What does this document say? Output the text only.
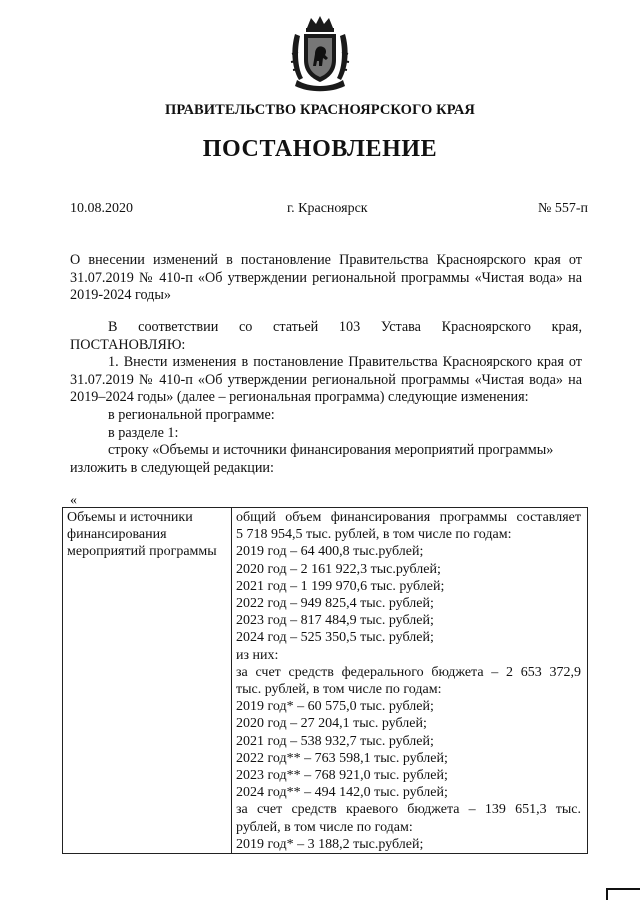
ПРАВИТЕЛЬСТВО КРАСНОЯРСКОГО КРАЯ
ПОСТАНОВЛЕНИЕ
10.08.2020	г. Красноярск	№ 557-п

О внесении изменений в постановление Правительства Красноярского края от 31.07.2019 № 410-п «Об утверждении региональной программы «Чистая вода» на 2019-2024 годы»

В соответствии со статьей 103 Устава Красноярского края,

ПОСТАНОВЛЯЮ:

1. Внести изменения в постановление Правительства Красноярского края от 31.07.2019 № 410-п «Об утверждении региональной программы «Чистая вода» на 2019–2024 годы» (далее – региональная программа) следующие изменения:

в региональной программе:

в разделе 1:

строку «Объемы и источники финансирования мероприятий программы»

изложить в следующей редакции:

«
Объемы и источники финансирования мероприятий программы	
общий объем финансирования программы составляет
5 718 954,5 тыс. рублей, в том числе по годам:
2019 год – 64 400,8 тыс.рублей;
2020 год – 2 161 922,3 тыс.рублей;
2021 год – 1 199 970,6 тыс. рублей;
2022 год – 949 825,4 тыс. рублей;
2023 год – 817 484,9 тыс. рублей;
2024 год – 525 350,5 тыс. рублей;
из них:
за счет средств федерального бюджета – 2 653 372,9
тыс. рублей, в том числе по годам:
2019 год* – 60 575,0 тыс. рублей;
2020 год – 27 204,1 тыс. рублей;
2021 год – 538 932,7 тыс. рублей;
2022 год** – 763 598,1 тыс. рублей;
2023 год** – 768 921,0 тыс. рублей;
2024 год** – 494 142,0 тыс. рублей;
за счет средств краевого бюджета – 139 651,3 тыс.
рублей, в том числе по годам:
2019 год* – 3 188,2 тыс.рублей;
